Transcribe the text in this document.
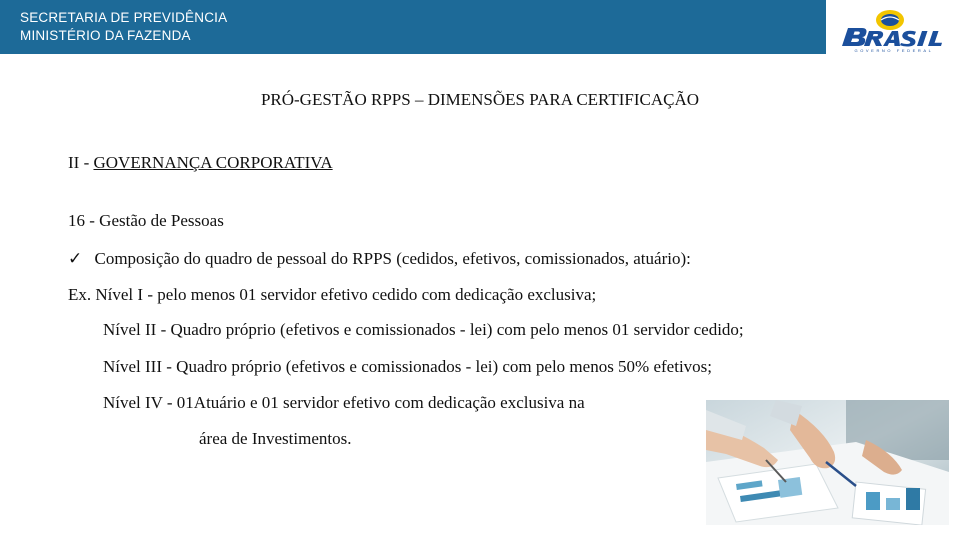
SECRETARIA DE PREVIDÊNCIA
MINISTÉRIO DA FAZENDA
GOVERNO FEDERAL
PRÓ-GESTÃO RPPS – DIMENSÕES PARA CERTIFICAÇÃO
II - GOVERNANÇA CORPORATIVA
16 - Gestão de Pessoas
✓ Composição do quadro de pessoal do RPPS (cedidos, efetivos, comissionados, atuário):
Ex. Nível I - pelo menos 01 servidor efetivo cedido com dedicação exclusiva;
Nível II - Quadro próprio (efetivos e comissionados - lei) com pelo menos 01 servidor cedido;
Nível III - Quadro próprio (efetivos e comissionados - lei) com pelo menos 50% efetivos;
Nível IV - 01Atuário e 01 servidor efetivo com dedicação exclusiva na
área de Investimentos.
